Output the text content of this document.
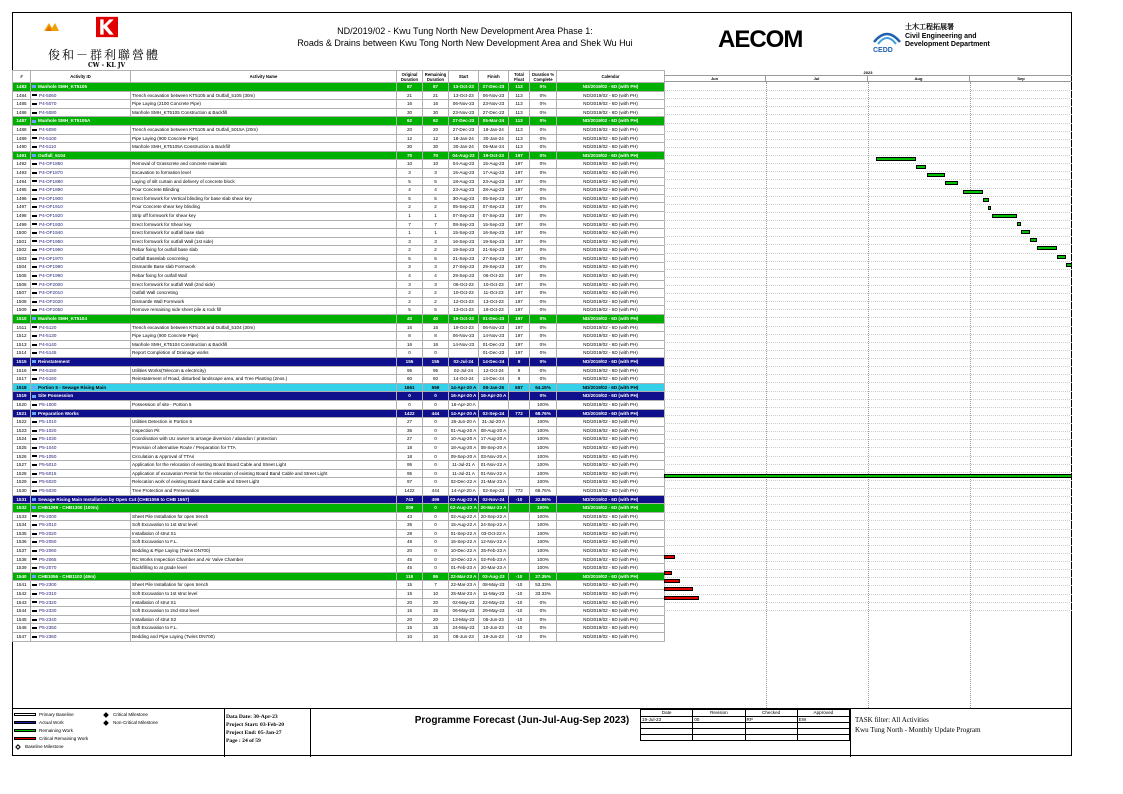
俊和－群利聯營體
CW - KL JV
ND/2019/02 - Kwu Tung North New Development Area Phase 1:
Roads & Drains between Kwu Tong North New Development Area and Shek Wu Hui	AECOM	CEDD
土木工程拓展署
Civil Engineering and
Development Department
#	Activity ID	Activity Name	Original Duration	Remaining Duration	Start	Finish	Total Float	Duration % Complete	Calendar
1483	Manhole SMH_KT5105		87	87	13-Oct-23	27-Dec-23	113	0%	ND/2019/02 - 6D (with PH)
1484	P4-5060	Trench excavation between KT5105 and Outfall_5105 (30m)	21	21	13-Oct-23	06-Nov-23	113	0%	ND/2019/02 - 6D (with PH)
1485	P4-5070	Pipe Laying (2100 Concrete Pipe)	16	16	06-Nov-23	23-Nov-23	113	0%	ND/2019/02 - 6D (with PH)
1486	P4-5080	Manhole SMH_KT5105 Construction & Backfill	30	30	23-Nov-23	27-Dec-23	113	0%	ND/2019/02 - 6D (with PH)
1487	Manhole SMH_KT5105A		62	62	27-Dec-23	05-Mar-24	113	0%	ND/2019/02 - 6D (with PH)
1488	P4-5090	Trench excavation between KT5105 and Outfall_5015A (20m)	20	20	27-Dec-23	18-Jan-24	113	0%	ND/2019/02 - 6D (with PH)
1489	P4-5100	Pipe Laying (900 Concrete Pipe)	12	12	18-Jan-24	30-Jan-24	113	0%	ND/2019/02 - 6D (with PH)
1490	P4-5110	Manhole SMH_KT5105A Construction & Backfill	30	30	30-Jan-24	05-Mar-24	113	0%	ND/2019/02 - 6D (with PH)
1491	Outfall_5104		70	70	04-Aug-23	19-Oct-23	197	0%	ND/2019/02 - 6D (with PH)
1492	P4-OF1860	Removal of Grasscrete and concrete materials	10	10	04-Aug-23	15-Aug-23	197	0%	ND/2019/02 - 6D (with PH)
1493	P4-OF1870	Excavation to formation level	3	3	15-Aug-23	17-Aug-23	197	0%	ND/2019/02 - 6D (with PH)
1494	P4-OF1880	Laying of silt curtain and delivery of concrete block	5	5	18-Aug-23	23-Aug-23	197	0%	ND/2019/02 - 6D (with PH)
1495	P4-OF1890	Pour Concrete Blinding	4	4	23-Aug-23	28-Aug-23	197	0%	ND/2019/02 - 6D (with PH)
1496	P4-OF1900	Erect formwork for Vertical blinding for base slab shear key	5	5	30-Aug-23	05-Sep-23	197	0%	ND/2019/02 - 6D (with PH)
1497	P4-OF1910	Pour Concrete shear key blinding	2	2	05-Sep-23	07-Sep-23	197	0%	ND/2019/02 - 6D (with PH)
1498	P4-OF1920	Strip off formwork for shear key	1	1	07-Sep-23	07-Sep-23	197	0%	ND/2019/02 - 6D (with PH)
1499	P4-OF1930	Erect formwork for Shear key	7	7	08-Sep-23	15-Sep-23	197	0%	ND/2019/02 - 6D (with PH)
1500	P4-OF1940	Erect formwork for outfall base slab	1	1	15-Sep-23	16-Sep-23	197	0%	ND/2019/02 - 6D (with PH)
1501	P4-OF1950	Erect formwork for outfall Wall (1st side)	3	3	16-Sep-23	19-Sep-23	197	0%	ND/2019/02 - 6D (with PH)
1502	P4-OF1960	Rebar fixing for outfall base slab	2	2	19-Sep-23	21-Sep-23	197	0%	ND/2019/02 - 6D (with PH)
1503	P4-OF1970	Outfall Baseslab concreting	5	5	21-Sep-23	27-Sep-23	197	0%	ND/2019/02 - 6D (with PH)
1504	P4-OF1980	Dismantle Base slab Formwork	3	3	27-Sep-23	29-Sep-23	197	0%	ND/2019/02 - 6D (with PH)
1505	P4-OF1990	Rebar fixing for outfall Wall	4	4	29-Sep-23	06-Oct-23	197	0%	ND/2019/02 - 6D (with PH)
1506	P4-OF2000	Erect formwork for outfall Wall (2nd side)	3	3	06-Oct-23	10-Oct-23	197	0%	ND/2019/02 - 6D (with PH)
1507	P4-OF2010	Outfall Wall concreting	2	2	10-Oct-23	11-Oct-23	197	0%	ND/2019/02 - 6D (with PH)
1508	P4-OF2020	Dismantle Wall Formwork	2	2	12-Oct-23	13-Oct-23	197	0%	ND/2019/02 - 6D (with PH)
1509	P4-OF2050	Remove remaining side sheet pile & rock fill	5	5	13-Oct-23	19-Oct-23	197	0%	ND/2019/02 - 6D (with PH)
1510	Manhole SMH_KT5104		40	40	19-Oct-23	01-Dec-23	197	0%	ND/2019/02 - 6D (with PH)
1511	P4-5120	Trench excavation between KT5104 and Outfall_5104 (30m)	16	16	19-Oct-23	06-Nov-23	197	0%	ND/2019/02 - 6D (with PH)
1512	P4-5130	Pipe Laying (900 Concrete Pipe)	8	8	06-Nov-23	14-Nov-23	197	0%	ND/2019/02 - 6D (with PH)
1513	P4-5140	Manhole SMH_KT5104 Construction & Backfill	16	16	14-Nov-23	01-Dec-23	197	0%	ND/2019/02 - 6D (with PH)
1514	P4-5145	Report Completion of Drainage works	0	0		01-Dec-23	197	0%	ND/2019/02 - 6D (with PH)
1515	Reinstatement		155	155	02-Jul-24	14-Dec-24	9	0%	ND/2019/02 - 6D (with PH)
1516	P4-5150	Utilities Works(Telecom & electricity)	95	95	02-Jul-24	12-Oct-24	9	0%	ND/2019/02 - 6D (with PH)
1517	P4-5160	Reinstatement of Road, disturbed landscape area, and Tree Planting (2nos.)	60	60	14-Oct-24	14-Dec-24	9	0%	ND/2019/02 - 6D (with PH)
1518	Portion 5 - Sewage Rising Main		1661	559	14-Apr-20 A	08-Jan-25	657	64.15%	ND/2019/02 - 6D (with PH)
1519	Site Possession		0	0	16-Apr-20 A	16-Apr-20 A		0%	ND/2019/02 - 6D (with PH)
1520	P5-1000	Possession of site - Portion 5	0	0	16-Apr-20 A			100%	ND/2019/02 - 6D (with PH)
1521	Preparation Works		1422	444	14-Apr-20 A	02-Sep-24	772	68.76%	ND/2019/02 - 6D (with PH)
1522	P5-1010	Utilities Detection in Portion 5	27	0	26-Jun-20 A	31-Jul-20 A		100%	ND/2019/02 - 6D (with PH)
1523	P5-1020	Inspection Pit	36	0	01-Aug-20 A	08-Aug-20 A		100%	ND/2019/02 - 6D (with PH)
1524	P5-1030	Coordination with UU owner to arrange diversion / abandon / protection	27	0	10-Aug-20 A	17-Aug-20 A		100%	ND/2019/02 - 6D (with PH)
1525	P5-1040	Provision of alternative Route / Preparation for TTA	18	0	18-Aug-20 A	08-Sep-20 A		100%	ND/2019/02 - 6D (with PH)
1526	P5-1050	Circulation & Approval of TTAs	18	0	09-Sep-20 A	03-Nov-20 A		100%	ND/2019/02 - 6D (with PH)
1527	P5-5010	Application for the relocation of existing Board Board Cable and Street Light	95	0	11-Jul-21 A	01-Nov-22 A		100%	ND/2019/02 - 6D (with PH)
1528	P5-5015	Application of excavation Permit for the relocation of existing Board Band Cable and Street Light	95	0	11-Jul-21 A	01-Nov-22 A		100%	ND/2019/02 - 6D (with PH)
1529	P5-5020	Relocation work of existing Board Band Cable and Street Light	97	0	02-Dec-22 A	21-Mar-23 A		100%	ND/2019/02 - 6D (with PH)
1530	P5-5030	Tree Protection and Preservation	1422	444	14-Apr-20 A	02-Sep-24	772	68.76%	ND/2019/02 - 6D (with PH)
1531	Sewage Rising Main Installation by Open Cut (CHB1056 to CHB 1557)		743	499	02-Aug-22 A	02-Nov-24	-10	32.86%	ND/2019/02 - 6D (with PH)
1532	CHB1299 - CHB1300 (100m)		209	0	02-Aug-22 A	20-Mar-23 A		100%	ND/2019/02 - 6D (with PH)
1533	P5-2000	Sheet Pile Installation for open trench	43	0	02-Aug-22 A	20-Sep-22 A		100%	ND/2019/02 - 6D (with PH)
1534	P5-2010	Soft Excavation to 1st strut level	35	0	15-Aug-22 A	24-Sep-22 A		100%	ND/2019/02 - 6D (with PH)
1535	P5-2020	Installation of strut S1	28	0	01-Sep-22 A	03-Oct-22 A		100%	ND/2019/02 - 6D (with PH)
1536	P5-2050	Soft Excavation to F.L.	48	0	15-Sep-22 A	12-Nov-22 A		100%	ND/2019/02 - 6D (with PH)
1537	P5-2060	Bedding & Pipe Laying (Twins DN700)	20	0	10-Dec-22 A	25-Feb-23 A		100%	ND/2019/02 - 6D (with PH)
1538	P5-2065	RC Works Inspection Chamber and Air Valve Chamber	45	0	10-Dec-22 A	02-Feb-23 A		100%	ND/2019/02 - 6D (with PH)
1539	P5-2070	Backfilling to at grade level	45	0	01-Feb-23 A	20-Mar-23 A		100%	ND/2019/02 - 6D (with PH)
1540	CHB1056 - CHB1102 (49m)		118	86	22-Mar-23 A	03-Aug-23	-10	27.35%	ND/2019/02 - 6D (with PH)
1541	P5-2300	Sheet Pile Installation for open trench	15	7	22-Mar-23 A	08-May-23	-10	53.33%	ND/2019/02 - 6D (with PH)
1542	P5-2310	Soft Excavation to 1st strut level	15	10	25-Mar-23 A	11-May-23	-10	33.33%	ND/2019/02 - 6D (with PH)
1543	P5-2320	Installation of strut S1	20	20	02-May-23	22-May-23	-10	0%	ND/2019/02 - 6D (with PH)
1544	P5-2330	Soft Excavation to 2nd strut level	15	15	06-May-23	29-May-23	-10	0%	ND/2019/02 - 6D (with PH)
1545	P5-2340	Installation of strut S2	20	20	13-May-23	05-Jun-23	-10	0%	ND/2019/02 - 6D (with PH)
1546	P5-2350	Soft Excavation to F.L.	15	15	24-May-23	10-Jun-23	-10	0%	ND/2019/02 - 6D (with PH)
1547	P5-2360	Bedding and Pipe Laying (Twins DN700)	10	10	08-Jun-23	19-Jun-23	-10	0%	ND/2019/02 - 6D (with PH)
2023
Jun	Jul	Aug	Sep
Primary Baseline
Actual Work
Remaining Work
Critical Remaining Work
Baseline Milestone
Critical Milestone
Non-Critical Milestone
Data Date: 30-Apr-23
Project Start: 03-Feb-20
Project End: 05-Jan-27
Page : 24 of 59
Programme Forecast (Jun-Jul-Aug-Sep 2023)
Date	Revision	Checked	Approved
19-Jul-23	00	RP	EW

				TASK filter: All Activities
Kwu Tung North - Monthly Update Program
